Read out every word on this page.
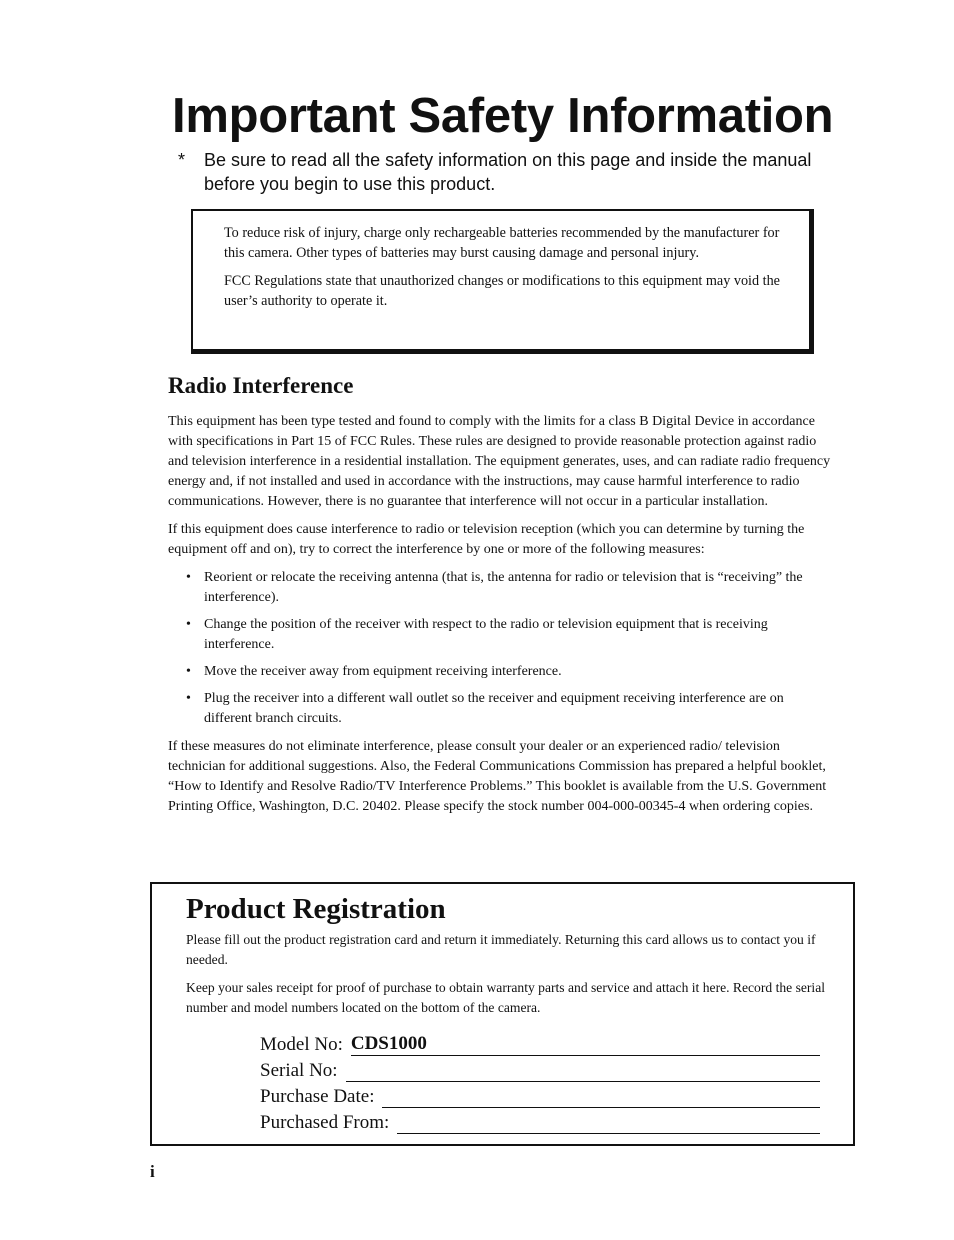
Important Safety Information
* Be sure to read all the safety information on this page and inside the manual before you begin to use this product.

To reduce risk of injury, charge only rechargeable batteries recommended by the manufacturer for this camera. Other types of batteries may burst causing damage and personal injury.

FCC Regulations state that unauthorized changes or modifications to this equipment may void the user’s authority to operate it.

Radio Interference

This equipment has been type tested and found to comply with the limits for a class B Digital Device in accordance with specifications in Part 15 of FCC Rules. These rules are designed to provide reasonable protection against radio and television interference in a residential installation. The equipment generates, uses, and can radiate radio frequency energy and, if not installed and used in accordance with the instructions, may cause harmful interference to radio communications. However, there is no guarantee that interference will not occur in a particular installation.

If this equipment does cause interference to radio or television reception (which you can determine by turning the equipment off and on), try to correct the interference by one or more of the following measures:

• Reorient or relocate the receiving antenna (that is, the antenna for radio or television that is “receiving” the interference).
• Change the position of the receiver with respect to the radio or television equipment that is receiving interference.
• Move the receiver away from equipment receiving interference.
• Plug the receiver into a different wall outlet so the receiver and equipment receiving interference are on different branch circuits.

If these measures do not eliminate interference, please consult your dealer or an experienced radio/ television technician for additional suggestions. Also, the Federal Communications Commission has prepared a helpful booklet, “How to Identify and Resolve Radio/TV Interference Problems.” This booklet is available from the U.S. Government Printing Office, Washington, D.C. 20402. Please specify the stock number 004-000-00345-4 when ordering copies.

Product Registration

Please fill out the product registration card and return it immediately. Returning this card allows us to contact you if needed.

Keep your sales receipt for proof of purchase to obtain warranty parts and service and attach it here. Record the serial number and model numbers located on the bottom of the camera.

Model No: CDS1000
Serial No:
Purchase Date:
Purchased From:
i
